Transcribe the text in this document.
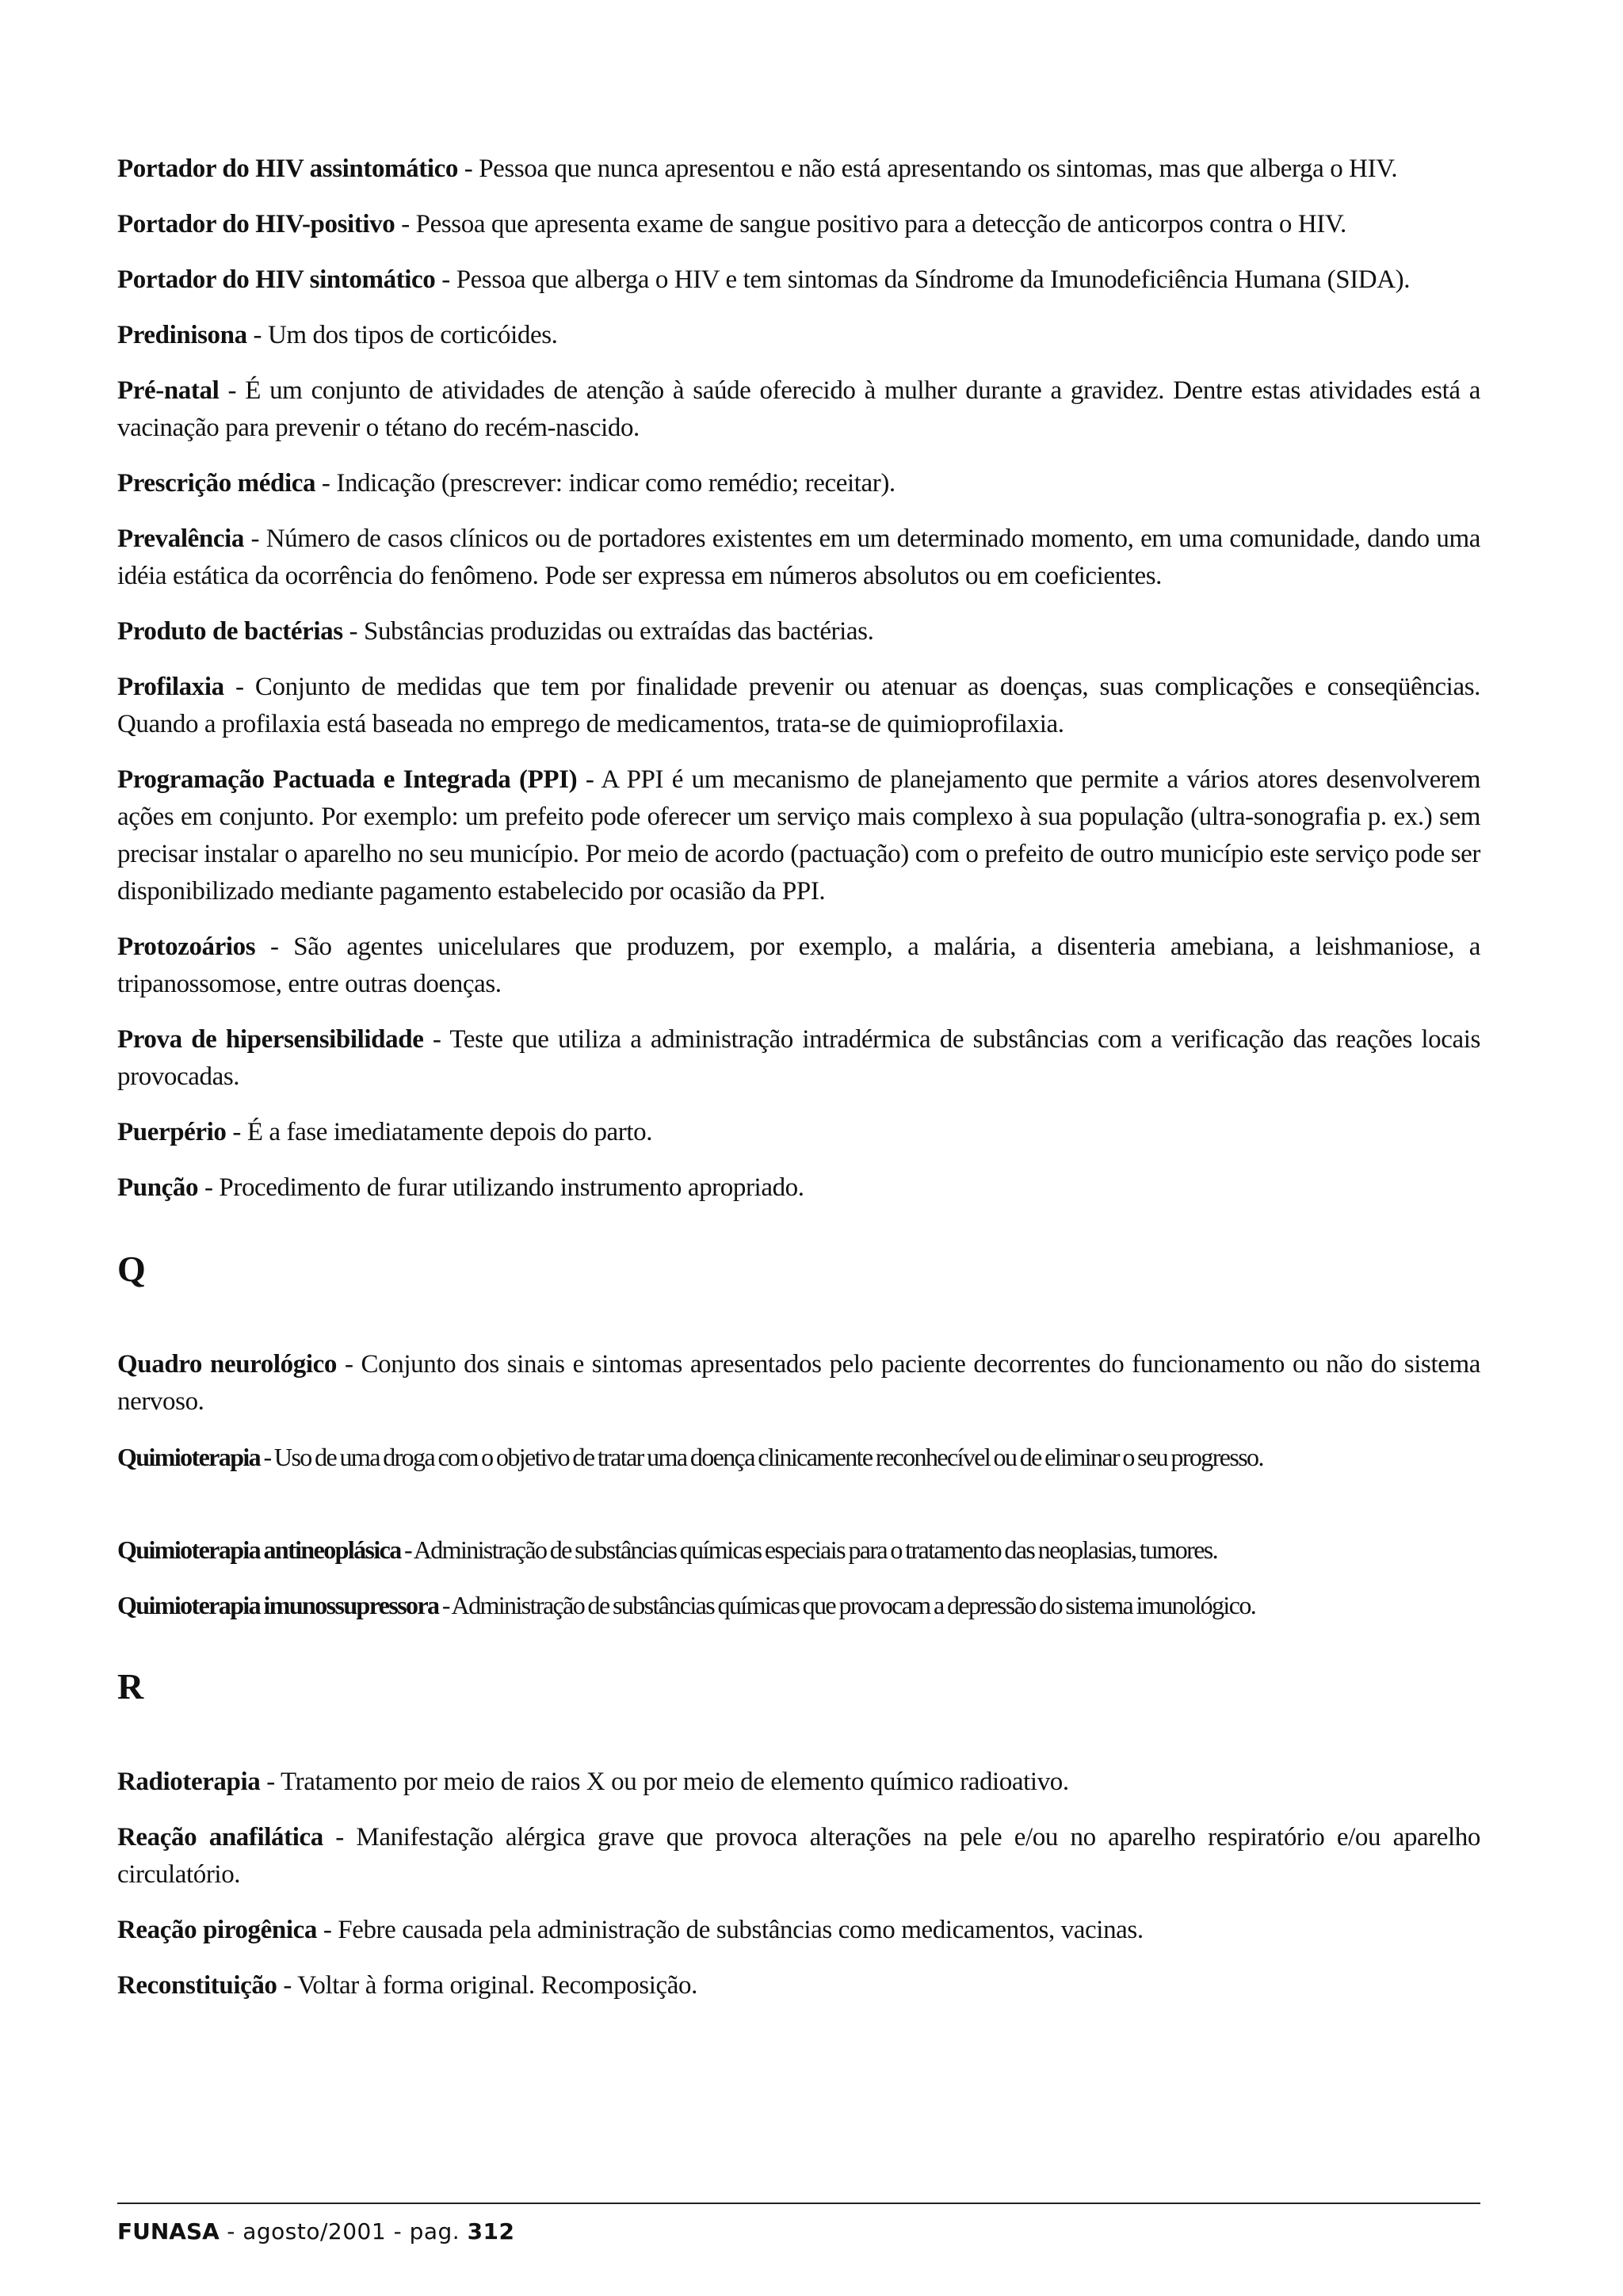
Portador do HIV assintomático - Pessoa que nunca apresentou e não está apresentando os sintomas, mas que alberga o HIV.

Portador do HIV-positivo - Pessoa que apresenta exame de sangue positivo para a detecção de anticorpos contra o HIV.

Portador do HIV sintomático - Pessoa que alberga o HIV e tem sintomas da Síndrome da Imunodeficiência Humana (SIDA).

Predinisona - Um dos tipos de corticóides.

Pré-natal - É um conjunto de atividades de atenção à saúde oferecido à mulher durante a gravidez. Dentre estas atividades está a vacinação para prevenir o tétano do recém-nascido.

Prescrição médica - Indicação (prescrever: indicar como remédio; receitar).

Prevalência - Número de casos clínicos ou de portadores existentes em um determinado momento, em uma comunidade, dando uma idéia estática da ocorrência do fenômeno. Pode ser expressa em números absolutos ou em coeficientes.

Produto de bactérias - Substâncias produzidas ou extraídas das bactérias.

Profilaxia - Conjunto de medidas que tem por finalidade prevenir ou atenuar as doenças, suas complicações e conseqüências. Quando a profilaxia está baseada no emprego de medicamentos, trata-se de quimioprofilaxia.

Programação Pactuada e Integrada (PPI) - A PPI é um mecanismo de planejamento que permite a vários atores desenvolverem ações em conjunto. Por exemplo: um prefeito pode oferecer um serviço mais complexo à sua população (ultra-sonografia p. ex.) sem precisar instalar o aparelho no seu município. Por meio de acordo (pactuação) com o prefeito de outro município este serviço pode ser disponibilizado mediante pagamento estabelecido por ocasião da PPI.

Protozoários - São agentes unicelulares que produzem, por exemplo, a malária, a disenteria amebiana, a leishmaniose, a tripanossomose, entre outras doenças.

Prova de hipersensibilidade - Teste que utiliza a administração intradérmica de substâncias com a verificação das reações locais provocadas.

Puerpério - É a fase imediatamente depois do parto.

Punção - Procedimento de furar utilizando instrumento apropriado.

Q

Quadro neurológico - Conjunto dos sinais e sintomas apresentados pelo paciente decorrentes do funcionamento ou não do sistema nervoso.

Quimioterapia - Uso de uma droga com o objetivo de tratar uma doença clinicamente reconhecível ou de eliminar o seu progresso.

Quimioterapia antineoplásica - Administração de substâncias químicas especiais para o tratamento das neoplasias, tumores.

Quimioterapia imunossupressora - Administração de substâncias químicas que provocam a depressão do sistema imunológico.

R

Radioterapia - Tratamento por meio de raios X ou por meio de elemento químico radioativo.

Reação anafilática - Manifestação alérgica grave que provoca alterações na pele e/ou no aparelho respiratório e/ou aparelho circulatório.

Reação pirogênica - Febre causada pela administração de substâncias como medicamentos, vacinas.

Reconstituição - Voltar à forma original. Recomposição.

FUNASA - agosto/2001 - pag. 312
